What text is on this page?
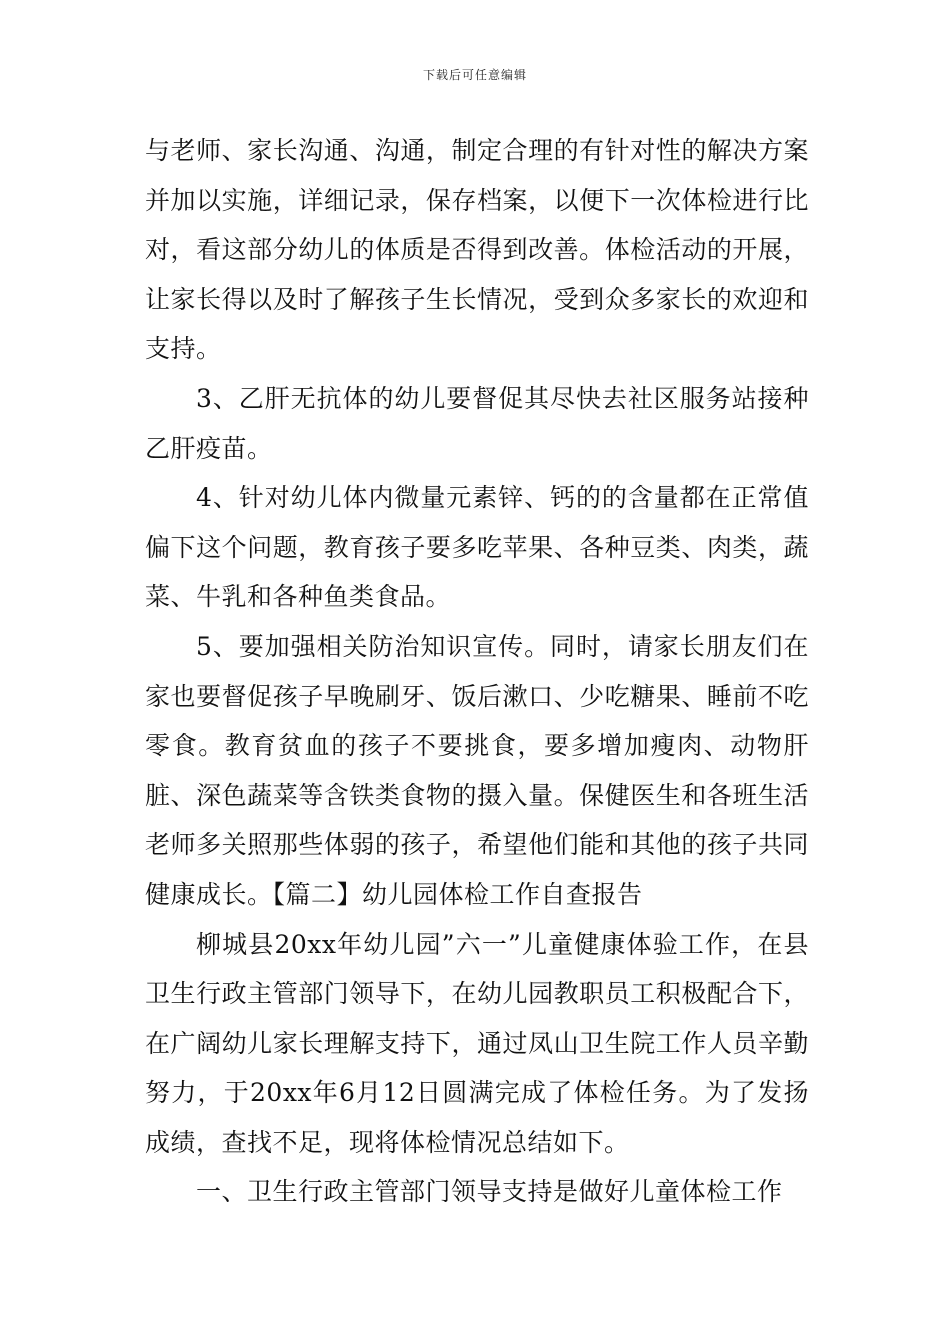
下载后可任意编辑

与老师、家长沟通、沟通，制定合理的有针对性的解决方案并加以实施，详细记录，保存档案，以便下一次体检进行比对，看这部分幼儿的体质是否得到改善。体检活动的开展，让家长得以及时了解孩子生长情况，受到众多家长的欢迎和支持。

3、乙肝无抗体的幼儿要督促其尽快去社区服务站接种乙肝疫苗。

4、针对幼儿体内微量元素锌、钙的的含量都在正常值偏下这个问题，教育孩子要多吃苹果、各种豆类、肉类，蔬菜、牛乳和各种鱼类食品。

5、要加强相关防治知识宣传。同时，请家长朋友们在家也要督促孩子早晚刷牙、饭后漱口、少吃糖果、睡前不吃零食。教育贫血的孩子不要挑食，要多增加瘦肉、动物肝脏、深色蔬菜等含铁类食物的摄入量。保健医生和各班生活老师多关照那些体弱的孩子，希望他们能和其他的孩子共同健康成长。【篇二】幼儿园体检工作自查报告

柳城县20xx年幼儿园”六一”儿童健康体验工作，在县卫生行政主管部门领导下，在幼儿园教职员工积极配合下，在广阔幼儿家长理解支持下，通过凤山卫生院工作人员辛勤努力，于20xx年6月12日圆满完成了体检任务。为了发扬成绩，查找不足，现将体检情况总结如下。

一、卫生行政主管部门领导支持是做好儿童体检工作
